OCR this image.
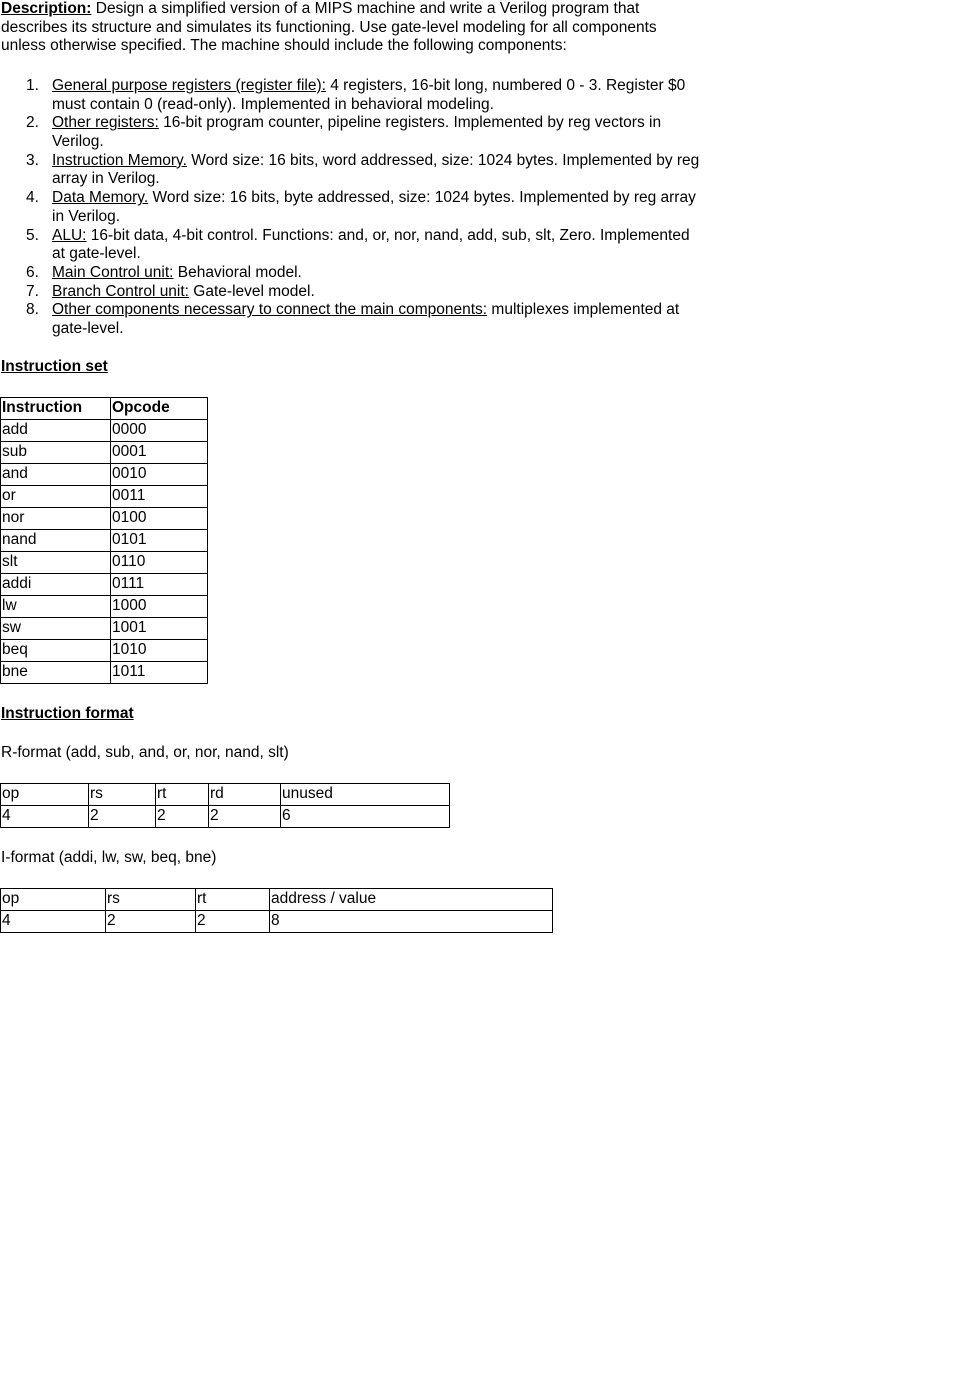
Description: Design a simplified version of a MIPS machine and write a Verilog program that describes its structure and simulates its functioning. Use gate-level modeling for all components unless otherwise specified. The machine should include the following components:
1. General purpose registers (register file): 4 registers, 16-bit long, numbered 0 - 3. Register $0 must contain 0 (read-only). Implemented in behavioral modeling.
2. Other registers: 16-bit program counter, pipeline registers. Implemented by reg vectors in Verilog.
3. Instruction Memory. Word size: 16 bits, word addressed, size: 1024 bytes. Implemented by reg array in Verilog.
4. Data Memory. Word size: 16 bits, byte addressed, size: 1024 bytes. Implemented by reg array in Verilog.
5. ALU: 16-bit data, 4-bit control. Functions: and, or, nor, nand, add, sub, slt, Zero. Implemented at gate-level.
6. Main Control unit: Behavioral model.
7. Branch Control unit: Gate-level model.
8. Other components necessary to connect the main components: multiplexes implemented at gate-level.
Instruction set
Instruction	Opcode
add	0000
sub	0001
and	0010
or	0011
nor	0100
nand	0101
slt	0110
addi	0111
lw	1000
sw	1001
beq	1010
bne	1011
Instruction format
R-format (add, sub, and, or, nor, nand, slt)
op	rs	rt	rd	unused
4	2	2	2	6
I-format (addi, lw, sw, beq, bne)
op	rs	rt	address / value
4	2	2	8
